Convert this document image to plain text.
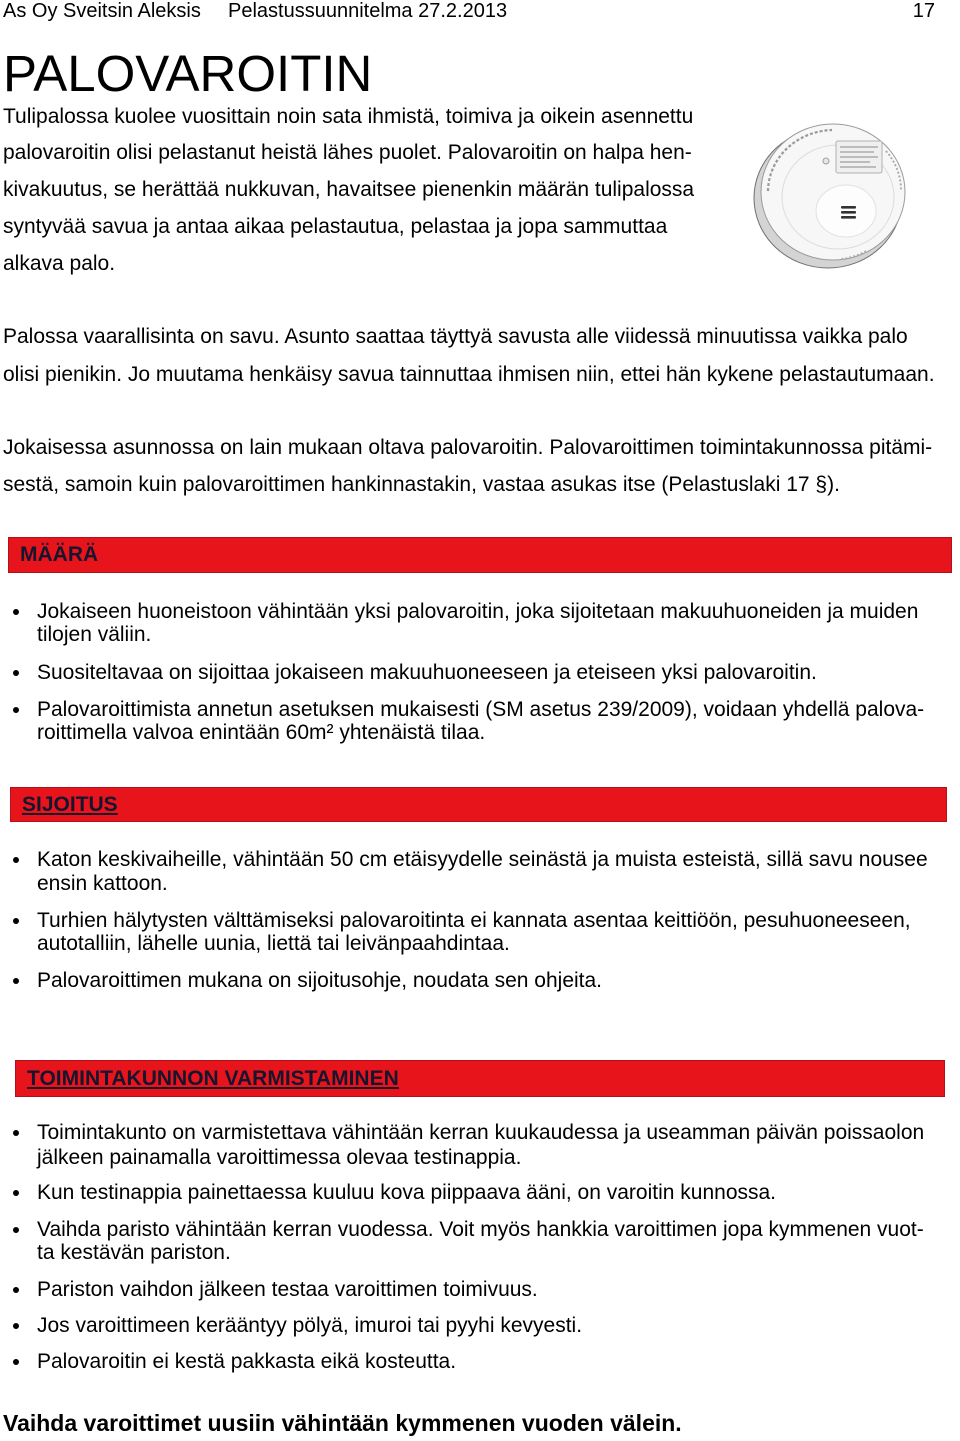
As Oy Sveitsin Aleksis Pelastussuunnitelma 27.2.2013	17
PALOVAROITIN
Tulipalossa kuolee vuosittain noin sata ihmistä, toimiva ja oikein asennettu
palovaroitin olisi pelastanut heistä lähes puolet. Palovaroitin on halpa hen-
kivakuutus, se herättää nukkuvan, havaitsee pienenkin määrän tulipalossa
syntyvää savua ja antaa aikaa pelastautua, pelastaa ja jopa sammuttaa
alkava palo.
Palossa vaarallisinta on savu. Asunto saattaa täyttyä savusta alle viidessä minuutissa vaikka palo
olisi pienikin. Jo muutama henkäisy savua tainnuttaa ihmisen niin, ettei hän kykene pelastautumaan.
Jokaisessa asunnossa on lain mukaan oltava palovaroitin. Palovaroittimen toimintakunnossa pitämi-
sestä, samoin kuin palovaroittimen hankinnastakin, vastaa asukas itse (Pelastuslaki 17 §).
MÄÄRÄ
Jokaiseen huoneistoon vähintään yksi palovaroitin, joka sijoitetaan makuuhuoneiden ja muiden
tilojen väliin.
Suositeltavaa on sijoittaa jokaiseen makuuhuoneeseen ja eteiseen yksi palovaroitin.
Palovaroittimista annetun asetuksen mukaisesti (SM asetus 239/2009), voidaan yhdellä palova-
roittimella valvoa enintään 60m² yhtenäistä tilaa.
SIJOITUS
Katon keskivaiheille, vähintään 50 cm etäisyydelle seinästä ja muista esteistä, sillä savu nousee
ensin kattoon.
Turhien hälytysten välttämiseksi palovaroitinta ei kannata asentaa keittiöön, pesuhuoneeseen,
autotalliin, lähelle uunia, liettä tai leivänpaahdintaa.
Palovaroittimen mukana on sijoitusohje, noudata sen ohjeita.
TOIMINTAKUNNON VARMISTAMINEN
Toimintakunto on varmistettava vähintään kerran kuukaudessa ja useamman päivän poissaolon
jälkeen painamalla varoittimessa olevaa testinappia.
Kun testinappia painettaessa kuuluu kova piippaava ääni, on varoitin kunnossa.
Vaihda paristo vähintään kerran vuodessa. Voit myös hankkia varoittimen jopa kymmenen vuot-
ta kestävän pariston.
Pariston vaihdon jälkeen testaa varoittimen toimivuus.
Jos varoittimeen kerääntyy pölyä, imuroi tai pyyhi kevyesti.
Palovaroitin ei kestä pakkasta eikä kosteutta.
Vaihda varoittimet uusiin vähintään kymmenen vuoden välein.
